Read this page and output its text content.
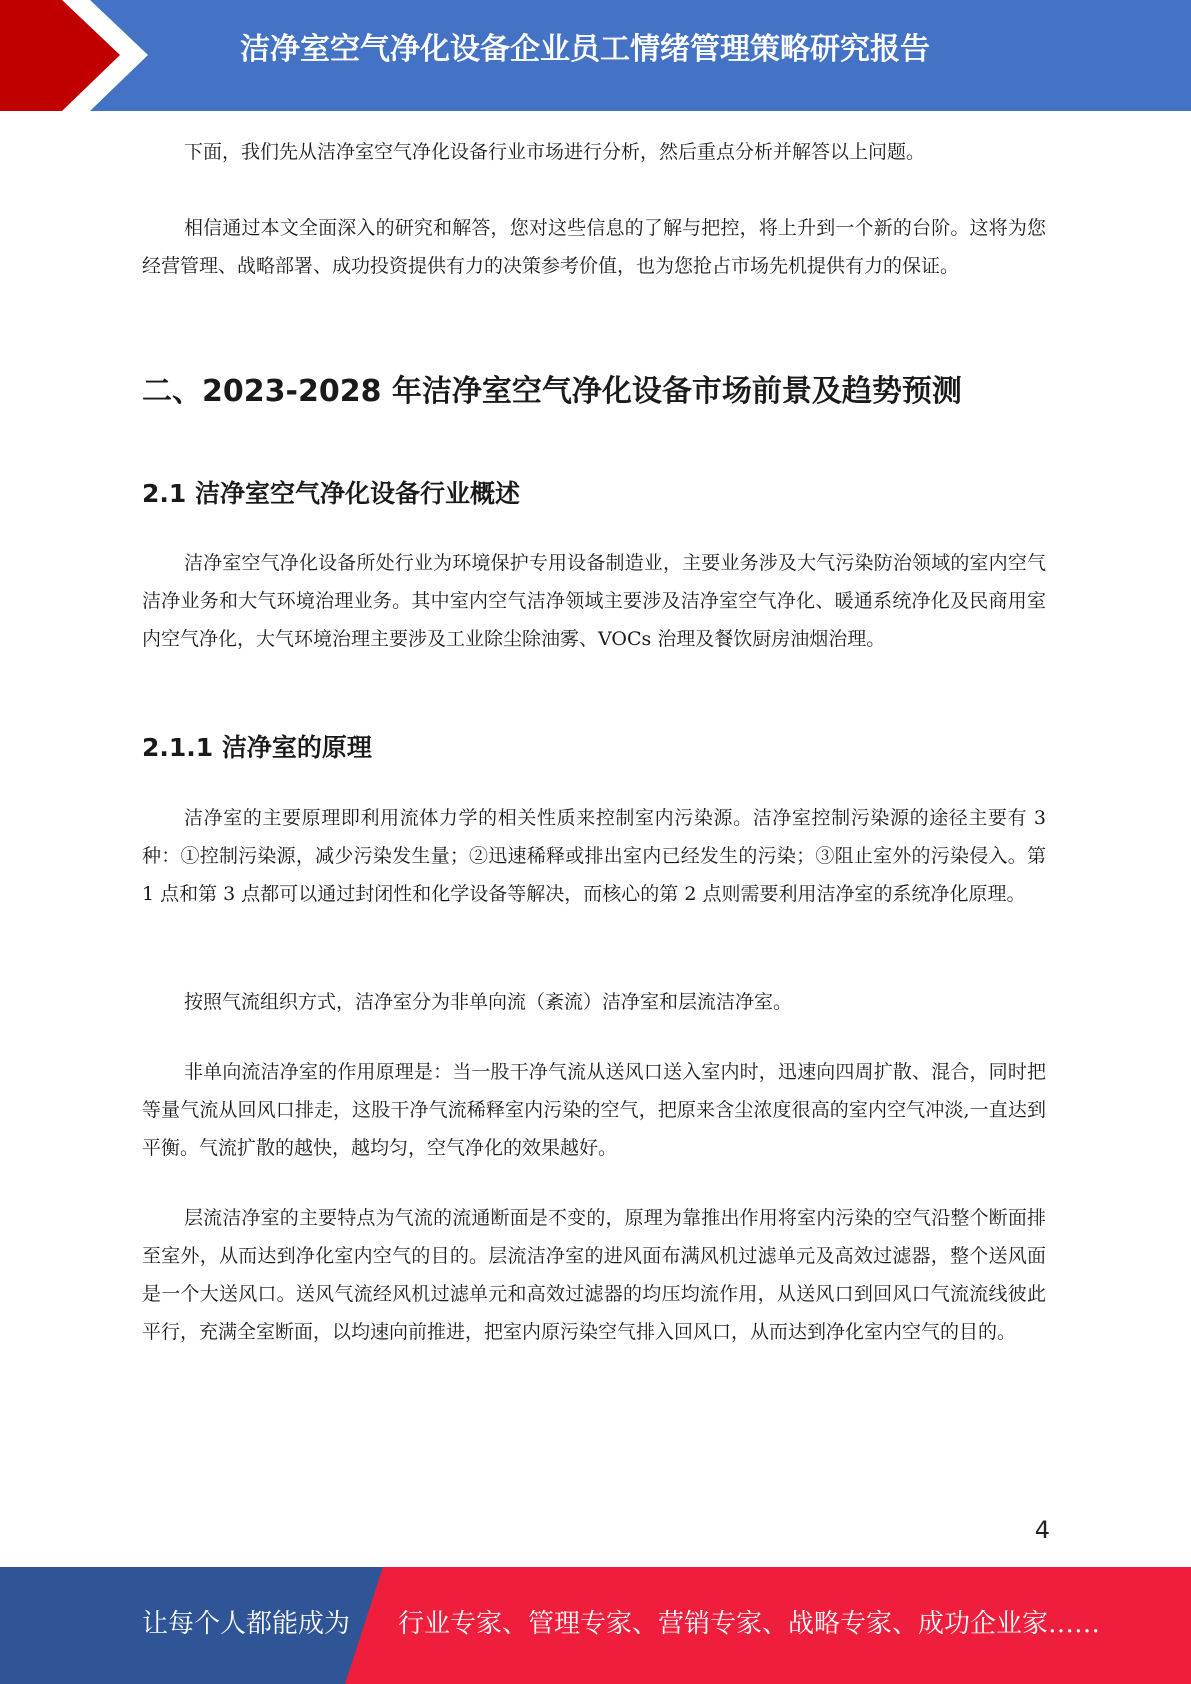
洁净室空气净化设备企业员工情绪管理策略研究报告

下面，我们先从洁净室空气净化设备行业市场进行分析，然后重点分析并解答以上问题。

相信通过本文全面深入的研究和解答，您对这些信息的了解与把控，将上升到一个新的台阶。这将为您经营管理、战略部署、成功投资提供有力的决策参考价值，也为您抢占市场先机提供有力的保证。

二、2023-2028 年洁净室空气净化设备市场前景及趋势预测
2.1 洁净室空气净化设备行业概述

洁净室空气净化设备所处行业为环境保护专用设备制造业，主要业务涉及大气污染防治领域的室内空气洁净业务和大气环境治理业务。其中室内空气洁净领域主要涉及洁净室空气净化、暖通系统净化及民商用室内空气净化，大气环境治理主要涉及工业除尘除油雾、VOCs 治理及餐饮厨房油烟治理。

2.1.1 洁净室的原理

洁净室的主要原理即利用流体力学的相关性质来控制室内污染源。洁净室控制污染源的途径主要有 3 种：①控制污染源，减少污染发生量；②迅速稀释或排出室内已经发生的污染；③阻止室外的污染侵入。第 1 点和第 3 点都可以通过封闭性和化学设备等解决，而核心的第 2 点则需要利用洁净室的系统净化原理。

按照气流组织方式，洁净室分为非单向流（紊流）洁净室和层流洁净室。

非单向流洁净室的作用原理是：当一股干净气流从送风口送入室内时，迅速向四周扩散、混合，同时把等量气流从回风口排走，这股干净气流稀释室内污染的空气，把原来含尘浓度很高的室内空气冲淡,一直达到平衡。气流扩散的越快，越均匀，空气净化的效果越好。

层流洁净室的主要特点为气流的流通断面是不变的，原理为靠推出作用将室内污染的空气沿整个断面排至室外，从而达到净化室内空气的目的。层流洁净室的进风面布满风机过滤单元及高效过滤器，整个送风面是一个大送风口。送风气流经风机过滤单元和高效过滤器的均压均流作用，从送风口到回风口气流流线彼此平行，充满全室断面，以均速向前推进，把室内原污染空气排入回风口，从而达到净化室内空气的目的。

4
让每个人都能成为 行业专家、管理专家、营销专家、战略专家、成功企业家……
